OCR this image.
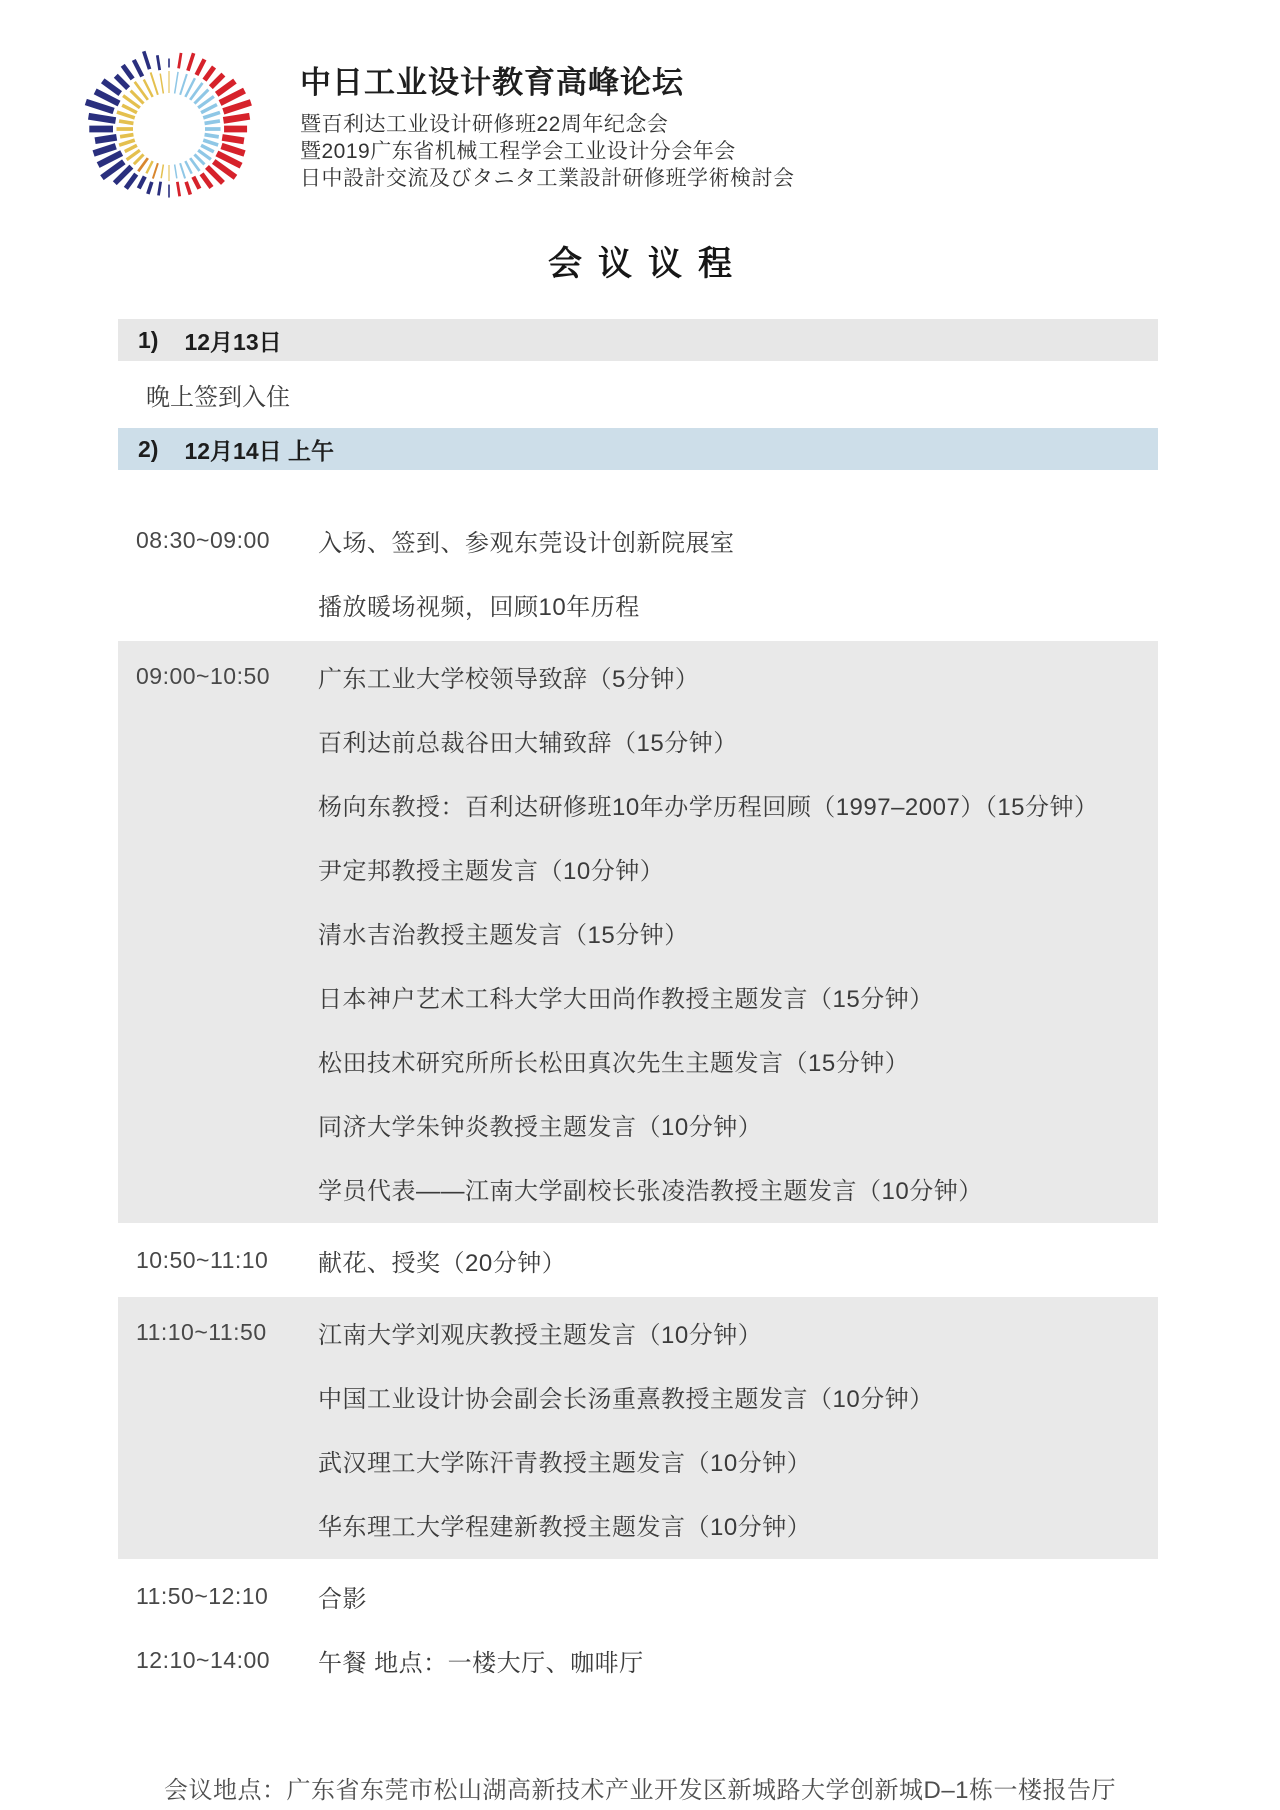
中日工业设计教育高峰论坛
暨百利达工业设计研修班22周年纪念会
暨2019广东省机械工程学会工业设计分会年会
日中設計交流及びタニタ工業設計研修班学術検討会
会议议程
1) 12月13日
晚上签到入住
2) 12月14日 上午
08:30~09:00	入场、签到、参观东莞设计创新院展室
播放暖场视频，回顾10年历程
09:00~10:50	广东工业大学校领导致辞（5分钟）
百利达前总裁谷田大辅致辞（15分钟）
杨向东教授：百利达研修班10年办学历程回顾（1997–2007）（15分钟）
尹定邦教授主题发言（10分钟）
清水吉治教授主题发言（15分钟）
日本神户艺术工科大学大田尚作教授主题发言（15分钟）
松田技术研究所所长松田真次先生主题发言（15分钟）
同济大学朱钟炎教授主题发言（10分钟）
学员代表——江南大学副校长张凌浩教授主题发言（10分钟）
10:50~11:10	献花、授奖（20分钟）
11:10~11:50	江南大学刘观庆教授主题发言（10分钟）
中国工业设计协会副会长汤重熹教授主题发言（10分钟）
武汉理工大学陈汗青教授主题发言（10分钟）
华东理工大学程建新教授主题发言（10分钟）
11:50~12:10	合影
12:10~14:00	午餐 地点：一楼大厅、咖啡厅
会议地点：广东省东莞市松山湖高新技术产业开发区新城路大学创新城D–1栋一楼报告厅
